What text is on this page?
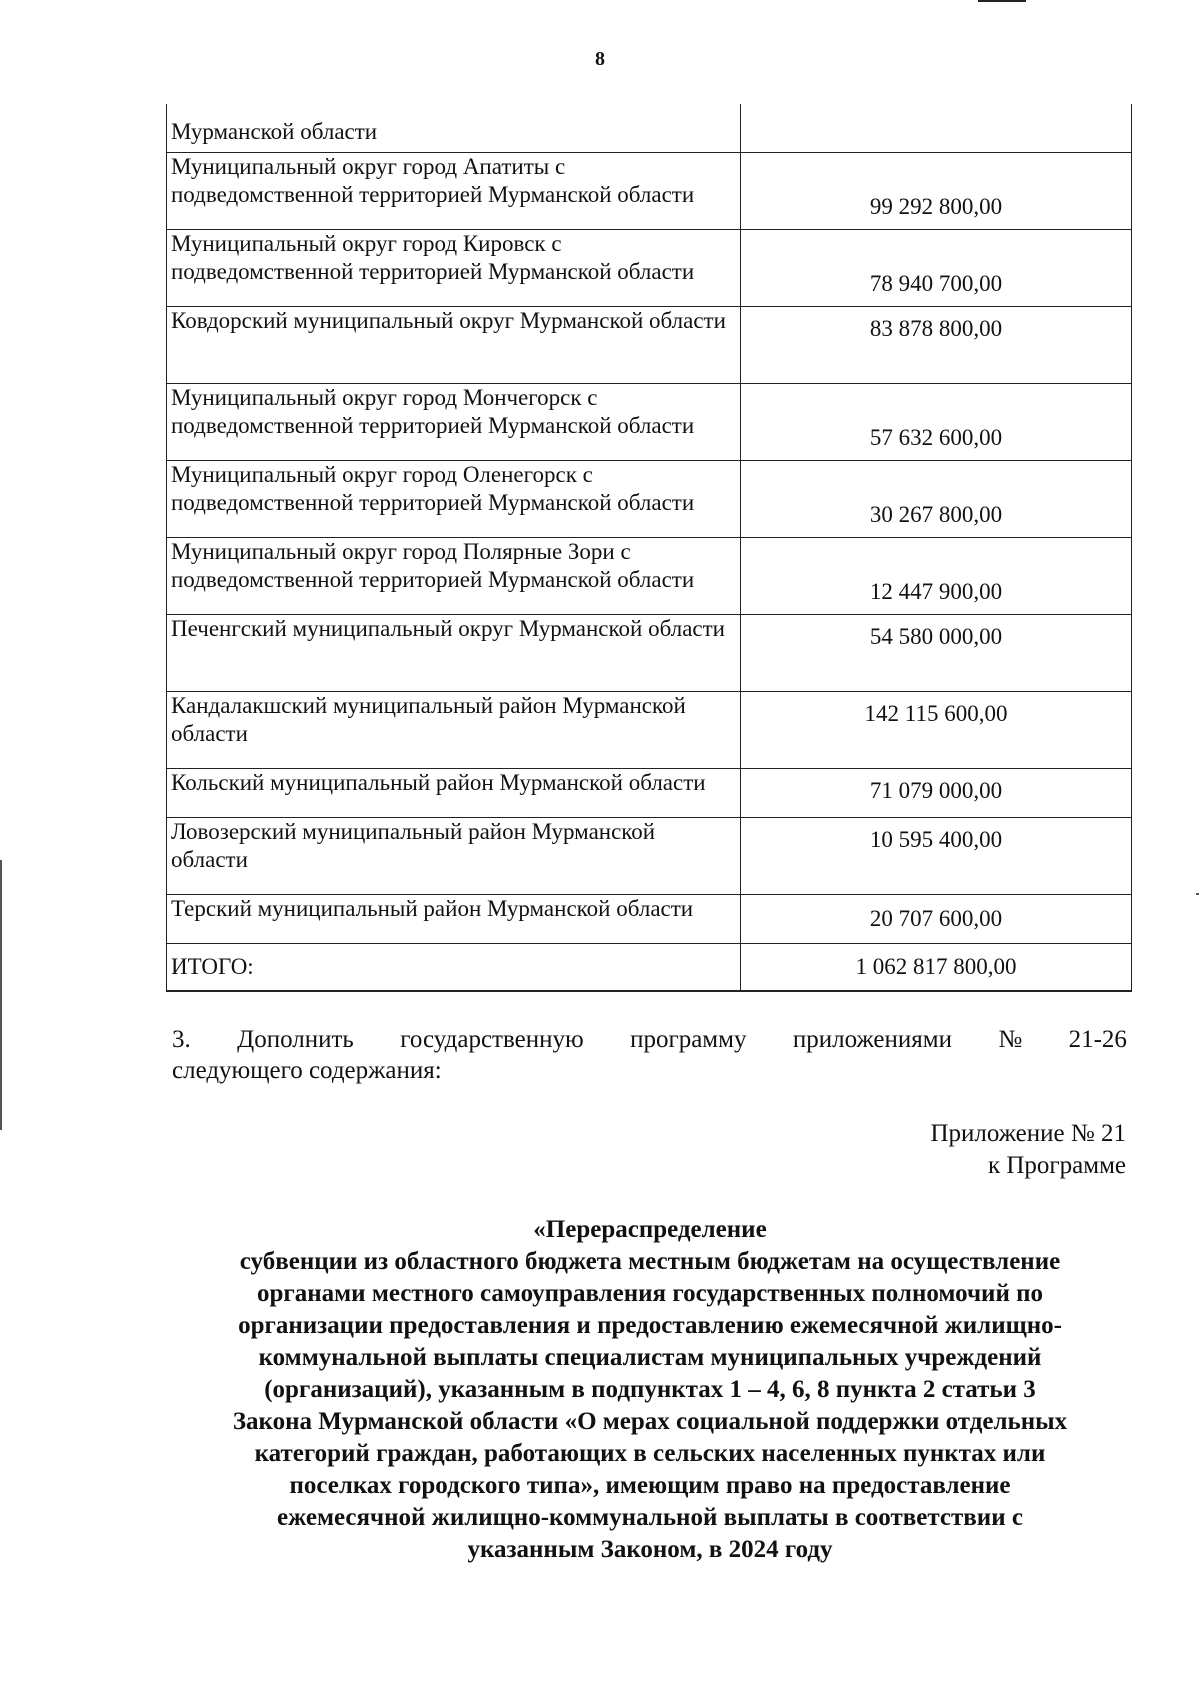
8
Мурманской области	
Муниципальный округ город Апатиты с подведомственной территорией Мурманской области	99 292 800,00
Муниципальный округ город Кировск с подведомственной территорией Мурманской области	78 940 700,00
Ковдорский муниципальный округ Мурманской области	83 878 800,00
Муниципальный округ город Мончегорск с подведомственной территорией Мурманской области	57 632 600,00
Муниципальный округ город Оленегорск с подведомственной территорией Мурманской области	30 267 800,00
Муниципальный округ город Полярные Зори с подведомственной территорией Мурманской области	12 447 900,00
Печенгский муниципальный округ Мурманской области	54 580 000,00
Кандалакшский муниципальный район Мурманской области	142 115 600,00
Кольский муниципальный район Мурманской области	71 079 000,00
Ловозерский муниципальный район Мурманской области	10 595 400,00
Терский муниципальный район Мурманской области	20 707 600,00
ИТОГО:	1 062 817 800,00
3. Дополнить государственную программу приложениями № 21-26
следующего содержания:
Приложение № 21
к Программе
«Перераспределение
субвенции из областного бюджета местным бюджетам на осуществление
органами местного самоуправления государственных полномочий по
организации предоставления и предоставлению ежемесячной жилищно-
коммунальной выплаты специалистам муниципальных учреждений
(организаций), указанным в подпунктах 1 – 4, 6, 8 пункта 2 статьи 3
Закона Мурманской области «О мерах социальной поддержки отдельных
категорий граждан, работающих в сельских населенных пунктах или
поселках городского типа», имеющим право на предоставление
ежемесячной жилищно-коммунальной выплаты в соответствии с
указанным Законом, в 2024 году
